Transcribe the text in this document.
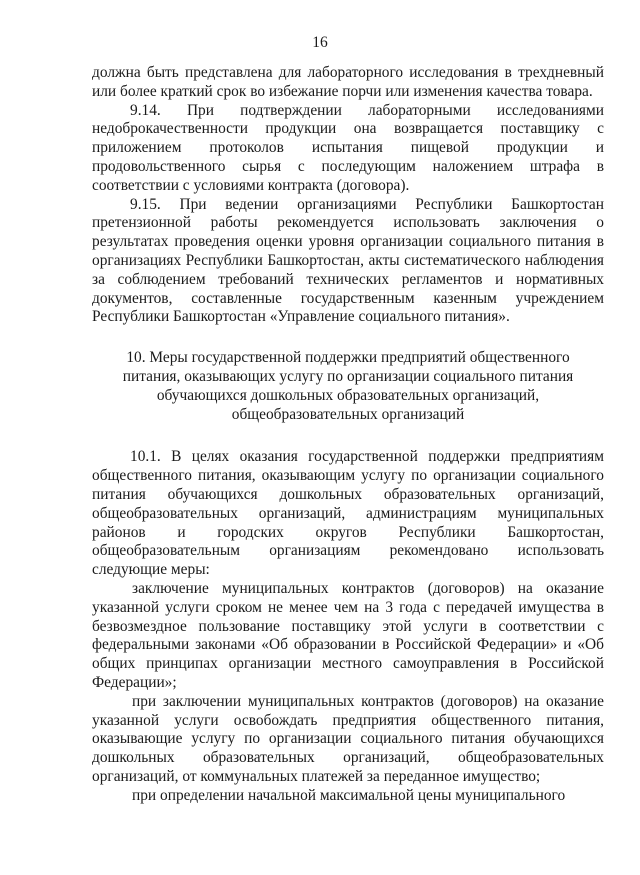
16

должна быть представлена для лабораторного исследования в трехдневный или более краткий срок во избежание порчи или изменения качества товара.

9.14. При подтверждении лабораторными исследованиями недоброкачественности продукции она возвращается поставщику с приложением протоколов испытания пищевой продукции и продовольственного сырья с последующим наложением штрафа в соответствии с условиями контракта (договора).

9.15. При ведении организациями Республики Башкортостан претензионной работы рекомендуется использовать заключения о результатах проведения оценки уровня организации социального питания в организациях Республики Башкортостан, акты систематического наблюдения за соблюдением требований технических регламентов и нормативных документов, составленные государственным казенным учреждением Республики Башкортостан «Управление социального питания».

10. Меры государственной поддержки предприятий общественного питания, оказывающих услугу по организации социального питания обучающихся дошкольных образовательных организаций, общеобразовательных организаций

10.1. В целях оказания государственной поддержки предприятиям общественного питания, оказывающим услугу по организации социального питания обучающихся дошкольных образовательных организаций, общеобразовательных организаций, администрациям муниципальных районов и городских округов Республики Башкортостан, общеобразовательным организациям рекомендовано использовать следующие меры:

заключение муниципальных контрактов (договоров) на оказание указанной услуги сроком не менее чем на 3 года с передачей имущества в безвозмездное пользование поставщику этой услуги в соответствии с федеральными законами «Об образовании в Российской Федерации» и «Об общих принципах организации местного самоуправления в Российской Федерации»;

при заключении муниципальных контрактов (договоров) на оказание указанной услуги освобождать предприятия общественного питания, оказывающие услугу по организации социального питания обучающихся дошкольных образовательных организаций, общеобразовательных организаций, от коммунальных платежей за переданное имущество;

при определении начальной максимальной цены муниципального
